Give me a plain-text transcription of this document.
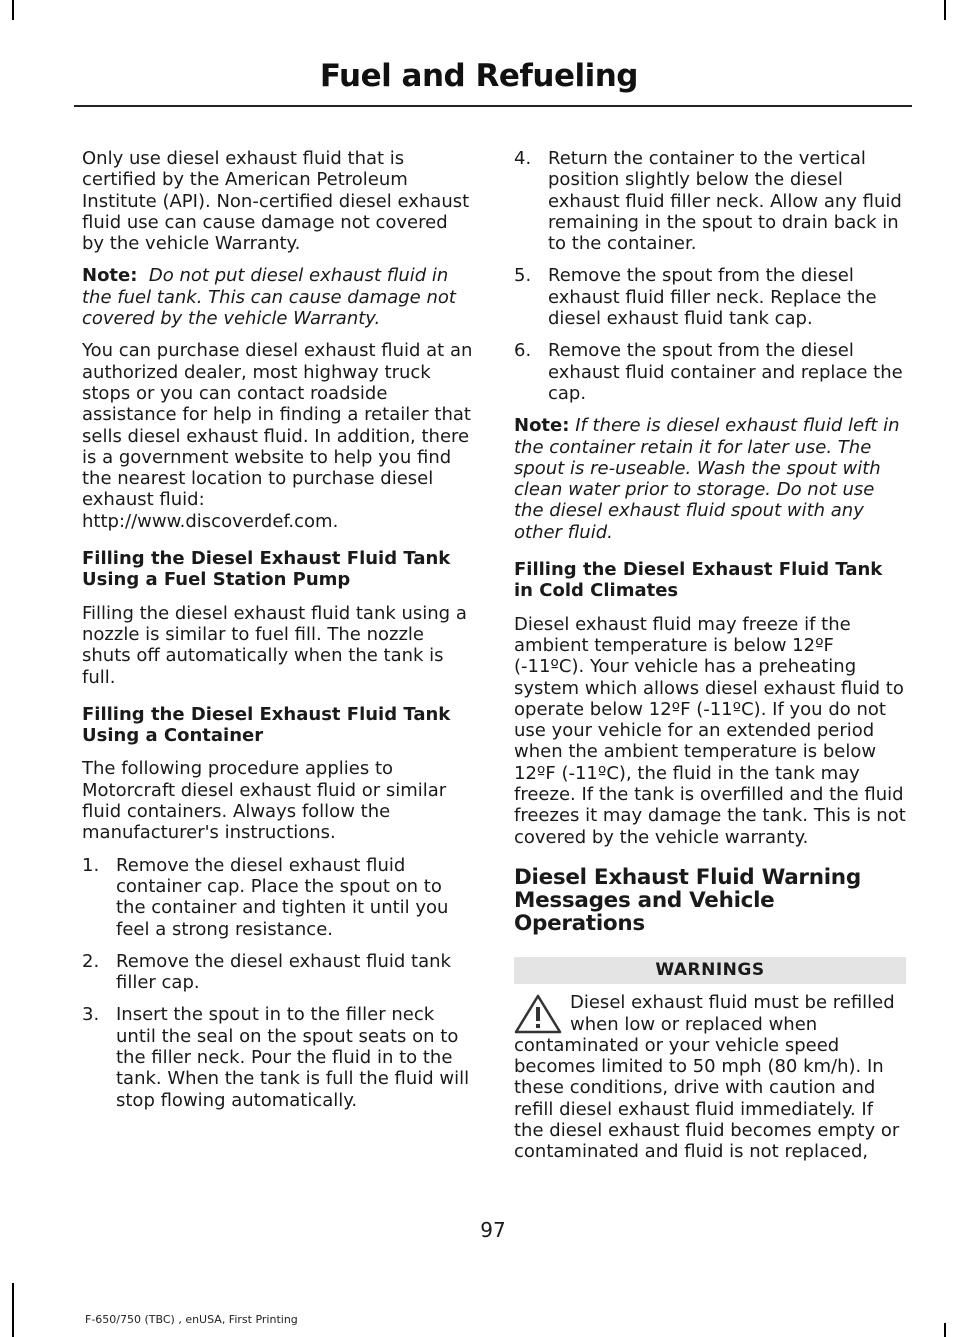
Fuel and Refueling

Only use diesel exhaust fluid that is certified by the American Petroleum Institute (API). Non-certified diesel exhaust fluid use can cause damage not covered by the vehicle Warranty.

Note: Do not put diesel exhaust fluid in the fuel tank. This can cause damage not covered by the vehicle Warranty.

You can purchase diesel exhaust fluid at an authorized dealer, most highway truck stops or you can contact roadside assistance for help in finding a retailer that sells diesel exhaust fluid. In addition, there is a government website to help you find the nearest location to purchase diesel exhaust fluid:

http://www.discoverdef.com.

Filling the Diesel Exhaust Fluid Tank Using a Fuel Station Pump

Filling the diesel exhaust fluid tank using a nozzle is similar to fuel fill. The nozzle shuts off automatically when the tank is full.

Filling the Diesel Exhaust Fluid Tank Using a Container

The following procedure applies to Motorcraft diesel exhaust fluid or similar fluid containers. Always follow the manufacturer's instructions.

1. Remove the diesel exhaust fluid container cap. Place the spout on to the container and tighten it until you feel a strong resistance.
2. Remove the diesel exhaust fluid tank filler cap.
3. Insert the spout in to the filler neck until the seal on the spout seats on to the filler neck. Pour the fluid in to the tank. When the tank is full the fluid will stop flowing automatically.
4. Return the container to the vertical position slightly below the diesel exhaust fluid filler neck. Allow any fluid remaining in the spout to drain back in to the container.
5. Remove the spout from the diesel exhaust fluid filler neck. Replace the diesel exhaust fluid tank cap.
6. Remove the spout from the diesel exhaust fluid container and replace the cap.

Note: If there is diesel exhaust fluid left in the container retain it for later use. The spout is re-useable. Wash the spout with clean water prior to storage. Do not use the diesel exhaust fluid spout with any other fluid.

Filling the Diesel Exhaust Fluid Tank in Cold Climates

Diesel exhaust fluid may freeze if the ambient temperature is below 12ºF (-11ºC). Your vehicle has a preheating system which allows diesel exhaust fluid to operate below 12ºF (-11ºC). If you do not use your vehicle for an extended period when the ambient temperature is below 12ºF (-11ºC), the fluid in the tank may freeze. If the tank is overfilled and the fluid freezes it may damage the tank. This is not covered by the vehicle warranty.

Diesel Exhaust Fluid Warning Messages and Vehicle Operations
WARNINGS
Diesel exhaust fluid must be refilled when low or replaced when contaminated or your vehicle speed becomes limited to 50 mph (80 km/h). In these conditions, drive with caution and refill diesel exhaust fluid immediately. If the diesel exhaust fluid becomes empty or contaminated and fluid is not replaced,
97
F-650/750 (TBC) , enUSA, First Printing
